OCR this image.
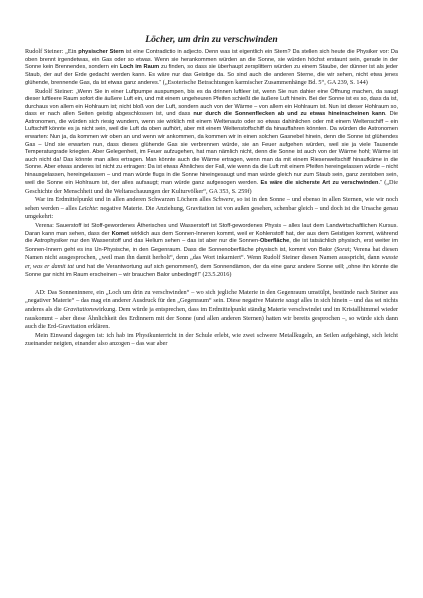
Löcher, um drin zu verschwinden

Rudolf Steiner: „Ein physischer Stern ist eine Contradictio in adjecto. Denn was ist eigentlich ein Stern? Da stellen sich heute die Physiker vor: Da oben brennt irgendetwas, ein Gas oder so etwas. Wenn sie herankommen würden an die Sonne, sie würden höchst erstaunt sein, gerade in der Sonne kein Brennendes, sondern ein Loch im Raum zu finden, so dass sie überhaupt zersplittern würden zu einem Staube, der dünner ist als jeder Staub, der auf der Erde gedacht werden kann. Es wäre nur das Geistige da. So sind auch die anderen Sterne, die wir sehen, nicht etwa jenes glühende, brennende Gas, da ist etwas ganz anderes.“ („Esoterische Betrachtungen karmischer Zusammenhänge Bd. 5“, GA 239, S. 144)

Rudolf Steiner: „Wenn Sie in einer Luftpumpe auspumpen, bis es da drinnen luftleer ist, wenn Sie nun dahier eine Öffnung machen, da saugt dieser luftleere Raum sofort die äußere Luft ein, und mit einem ungeheuren Pfeifen schießt die äußere Luft hinein. Bei der Sonne ist es so, dass da ist, durchaus von allem ein Hohlraum ist; nicht bloß von der Luft, sondern auch von der Wärme – von allem ein Hohlraum ist. Nun ist dieser Hohlraum so, dass er nach allen Seiten geistig abgeschlossen ist, und dass nur durch die Sonnenflecken ab und zu etwas hineinscheinen kann. Die Astronomen, die würden sich riesig wundern, wenn sie wirklich mit einem Weltenauto oder so etwas dahinlichen oder mit einem Weltenschiff – ein Luftschiff könnte es ja nicht sein, weil die Luft da oben aufhört, aber mit einem Weltenstoffschiff da hinauffahren könnten. Da würden die Astronomen erwarten: Nun ja, da kommen wir oben an und wenn wir ankommen, da kommen wir in einen solchen Gasnebel hinein, denn die Sonne ist glühendes Gas – Und sie erwarten nun, dass dieses glühende Gas sie verbrennen würde, sie an Feuer aufgehen würden, weil sie ja viele Tausende Temperaturgrade kriegten. Aber Gelegenheit, im Feuer aufzugehen, hat man nämlich nicht, denn die Sonne ist auch von der Wärme hohl; Wärme ist auch nicht da! Das könnte man alles ertragen. Man könnte auch die Wärme ertragen, wenn man da mit einem Riesenweltschiff hinaufkäme in die Sonne. Aber etwas anderes ist nicht zu ertragen: Da ist etwas Ähnliches der Fall, wie wenn da die Luft mit einem Pfeifen hereingelassen würde – nicht hinausgelassen, hereingelassen – und man würde flugs in die Sonne hineingesaugt und man würde gleich nur zum Staub sein, ganz zerstoben sein, weil die Sonne ein Hohlraum ist, der alles aufsaugt; man würde ganz aufgesogen werden. Es wäre die sicherste Art zu verschwinden.“ („Die Geschichte der Menschheit und die Weltanschauungen der Kulturvölker“, GA 353, S. 259f)

War im Erdmittelpunkt und in allen anderen Schwarzen Löchern alles Schwere, so ist in den Sonne – und ebenso in allen Sternen, wie wir noch sehen werden – alles Leichte: negative Materie. Die Anziehung, Gravitation ist von außen gesehen, schenbar gleich – und doch ist die Ursache genau umgekehrt:

Verena: Sauerstoff ist Stoff-gewordenes Ätherisches und Wasserstoff ist Stoff-gewordenes Physis – alles laut dem Landwirtschaftlichen Kursus. Daran kann man sehen, dass der Komet wirklich aus dem Sonnen-Inneren kommt, weil er Kohlenstoff hat, der aus dem Geistigen kommt, während die Astrophysiker nur den Wasserstoff und das Helium sehen – das ist aber nur die Sonnen-Oberfläche, die ist tatsächlich physisch, erst weiter im Sonnen-Innern geht es ins Un-Physische, in den Gegenraum. Dass die Sonnenoberfläche physisch ist, kommt von Balor (Sorat; Verena hat diesen Namen nicht ausgesprochen, „weil man ihn damit herholt“, denn „das Wort inkarniert“. Wenn Rudolf Steiner diesen Namen ausspricht, dann wusste er, was er damit tat und hat die Verantwortung auf sich genommen!), dem Sonnendämon, der da eine ganz andere Sonne will; „ohne ihn könnte die Sonne gar nicht im Raum erscheinen – wir brauchen Balor unbedingt!!“ (23.5.2016)

AD: Das Sonneninnere, ein „Loch um drin zu verschwinden“ – wo sich jegliche Materie in den Gegenraum umstülpt, bestünde nach Steiner aus „negativer Materie“ – das mag ein anderer Ausdruck für den „Gegenraum“ sein. Diese negative Materie saugt alles in sich hinein – und das sei nichts anderes als die Gravitationswirkung. Dem würde ja entsprechen, dass im Erdmittelpunkt ständig Materie verschwindet und im Kristallhimmel wieder rauskommt – aber diese Ähnlichkeit des Erdinnern mit der Sonne (und allen anderen Sternen) hatten wir bereits gesprochen –, so würde sich dann auch die Erd-Gravitation erklären.

Mein Einwand dagegen ist: ich hab im Physikunterricht in der Schule erlebt, wie zwei schwere Metallkugeln, an Seilen aufgehängt, sich leicht zueinander neigten, einander also anzogen – das war aber
